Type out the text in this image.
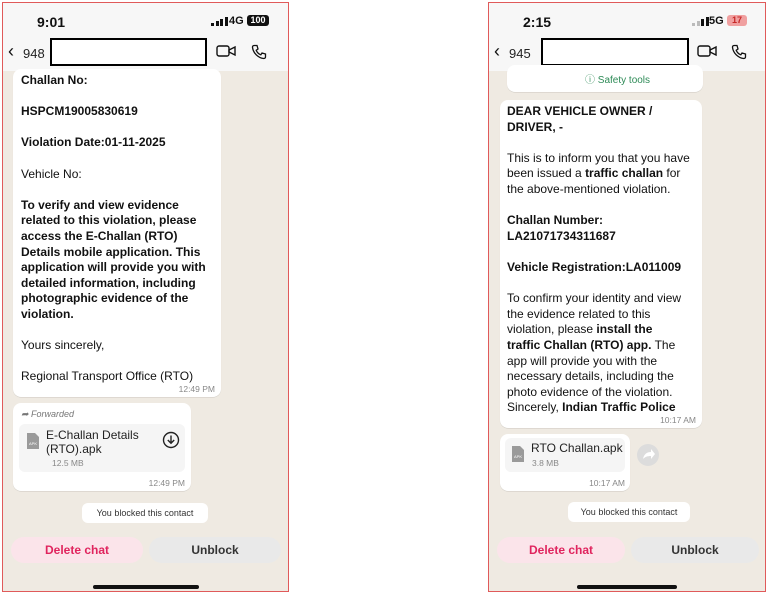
9:01	4G 100
‹ 948

Challan No:

HSPCM19005830619

Violation Date:01-11-2025

Vehicle No:

To verify and view evidence

related to this violation, please

access the E-Challan (RTO)

Details mobile application. This

application will provide you with

detailed information, including

photographic evidence of the

violation.

Yours sincerely,

Regional Transport Office (RTO)

12:49 PM
➦ Forwarded
APK
E-Challan Details
(RTO).apk
12.5 MB
12:49 PM
You blocked this contact
Delete chat	Unblock
2:15	5G 17
‹ 945
ⓘ Safety tools

DEAR VEHICLE OWNER /

DRIVER, -

This is to inform you that you have

been issued a traffic challan for

the above-mentioned violation.

Challan Number:

LA21071734311687

Vehicle Registration:LA011009

To confirm your identity and view

the evidence related to this

violation, please install the

traffic Challan (RTO) app. The

app will provide you with the

necessary details, including the

photo evidence of the violation.

Sincerely, Indian Traffic Police

10:17 AM
APK
RTO Challan.apk
3.8 MB
10:17 AM
You blocked this contact
Delete chat	Unblock
